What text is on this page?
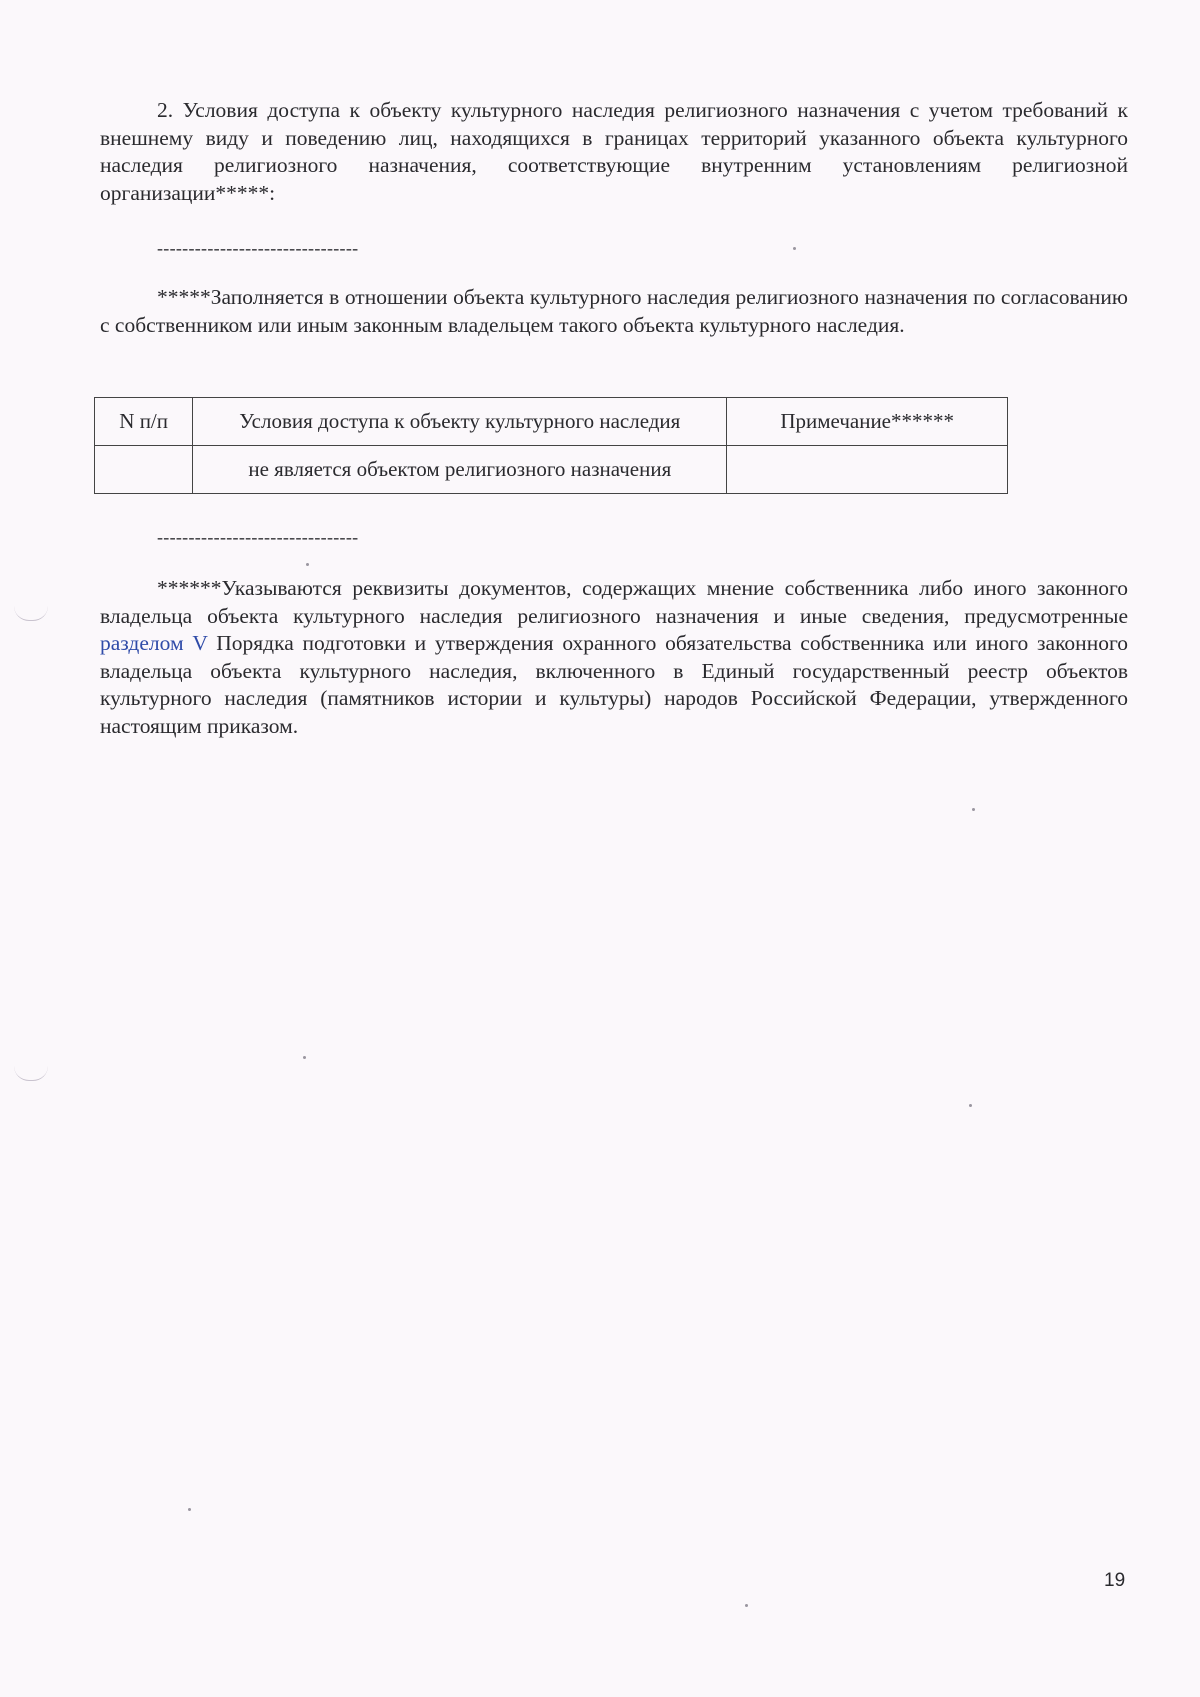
2. Условия доступа к объекту культурного наследия религиозного назначения с учетом требований к внешнему виду и поведению лиц, находящихся в границах территорий указанного объекта культурного наследия религиозного назначения, соответствующие внутренним установлениям религиозной организации*****:

--------------------------------

*****Заполняется в отношении объекта культурного наследия религиозного назначения по согласованию с собственником или иным законным владельцем такого объекта культурного наследия.

N п/п	Условия доступа к объекту культурного наследия	Примечание******
	не является объектом религиозного назначения	
--------------------------------

******Указываются реквизиты документов, содержащих мнение собственника либо иного законного владельца объекта культурного наследия религиозного назначения и иные сведения, предусмотренные разделом V Порядка подготовки и утверждения охранного обязательства собственника или иного законного владельца объекта культурного наследия, включенного в Единый государственный реестр объектов культурного наследия (памятников истории и культуры) народов Российской Федерации, утвержденного настоящим приказом.

19
